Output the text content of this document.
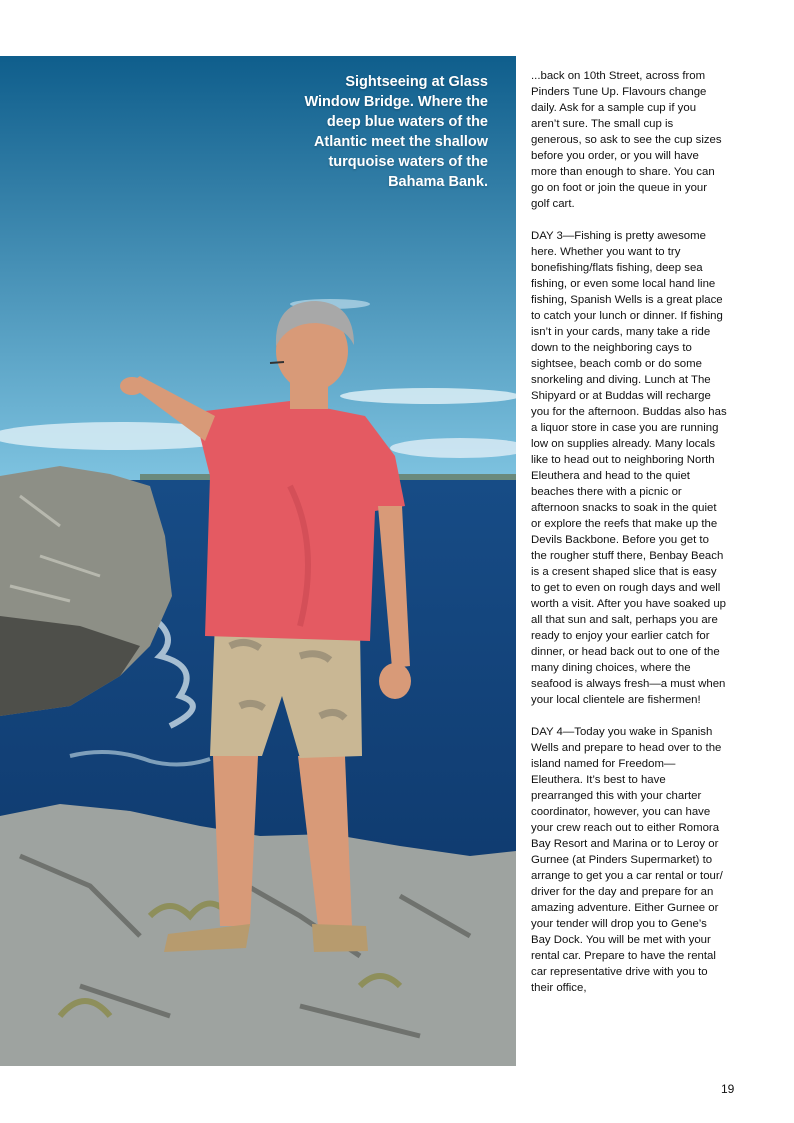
Sightseeing at Glass Window Bridge. Where the deep blue waters of the Atlantic meet the shallow turquoise waters of the Bahama Bank.

...back on 10th Street, across from Pinders Tune Up. Flavours change daily. Ask for a sample cup if you aren’t sure. The small cup is generous, so ask to see the cup sizes before you order, or you will have more than enough to share. You can go on foot or join the queue in your golf cart.

DAY 3—Fishing is pretty awesome here. Whether you want to try bonefishing/flats fishing, deep sea fishing, or even some local hand line fishing, Spanish Wells is a great place to catch your lunch or dinner. If fishing isn’t in your cards, many take a ride down to the neighboring cays to sightsee, beach comb or do some snorkeling and diving. Lunch at The Shipyard or at Buddas will recharge you for the afternoon. Buddas also has a liquor store in case you are running low on supplies already. Many locals like to head out to neighboring North Eleuthera and head to the quiet beaches there with a picnic or afternoon snacks to soak in the quiet or explore the reefs that make up the Devils Backbone. Before you get to the rougher stuff there, Benbay Beach is a cresent shaped slice that is easy to get to even on rough days and well worth a visit. After you have soaked up all that sun and salt, perhaps you are ready to enjoy your earlier catch for dinner, or head back out to one of the many dining choices, where the seafood is always fresh—a must when your local clientele are fishermen!

DAY 4—Today you wake in Spanish Wells and prepare to head over to the island named for Freedom—Eleuthera. It’s best to have prearranged this with your charter coordinator, however, you can have your crew reach out to either Romora Bay Resort and Marina or to Leroy or Gurnee (at Pinders Supermarket) to arrange to get you a car rental or tour/ driver for the day and prepare for an amazing adventure. Either Gurnee or your tender will drop you to Gene’s Bay Dock. You will be met with your rental car. Prepare to have the rental car representative drive with you to their office,

19
